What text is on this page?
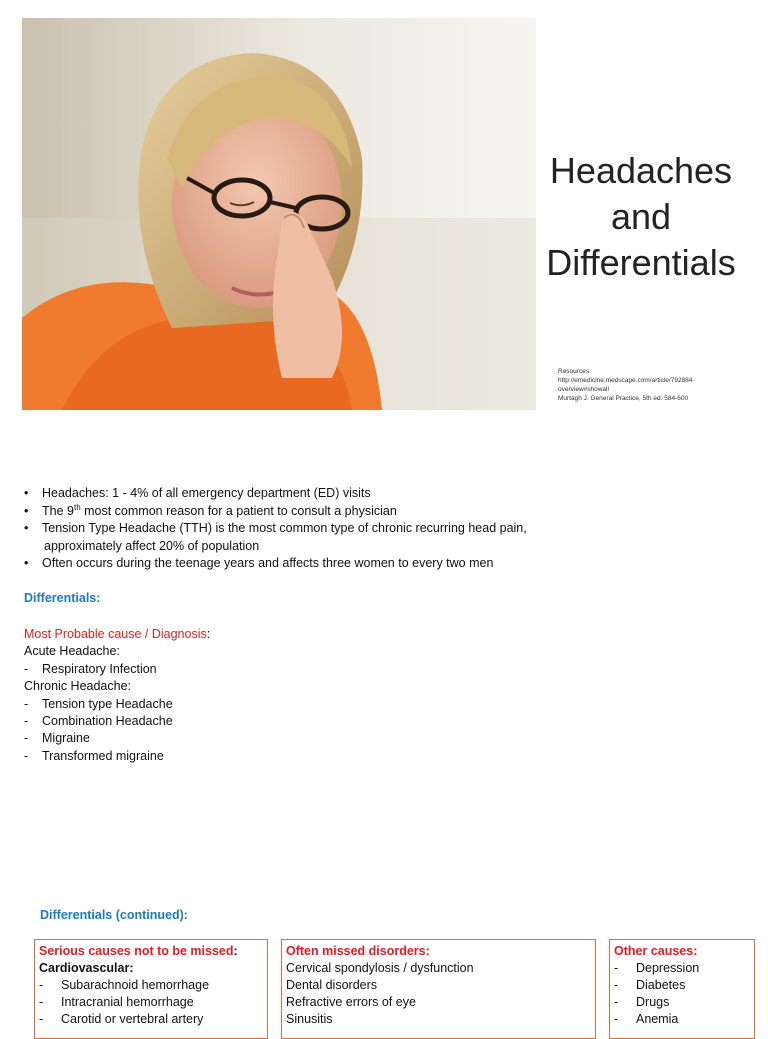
Headaches
and
Differentials
Resources:
http://emedicine.medscape.com/article/792884-
overview#showall
Murtagh J. General Practice, 5th ed. 584-600
• Headaches: 1 - 4% of all emergency department (ED) visits
• The 9th most common reason for a patient to consult a physician
• Tension Type Headache (TTH) is the most common type of chronic recurring head pain,
approximately affect 20% of population
• Often occurs during the teenage years and affects three women to every two men
Differentials:
Most Probable cause / Diagnosis:
Acute Headache:
- Respiratory Infection
Chronic Headache:
- Tension type Headache
- Combination Headache
- Migraine
- Transformed migraine
Differentials (continued):
Serious causes not to be missed:
Cardiovascular:
- Subarachnoid hemorrhage
- Intracranial hemorrhage
- Carotid or vertebral artery
Often missed disorders:
Cervical spondylosis / dysfunction
Dental disorders
Refractive errors of eye
Sinusitis
Other causes:
- Depression
- Diabetes
- Drugs
- Anemia
